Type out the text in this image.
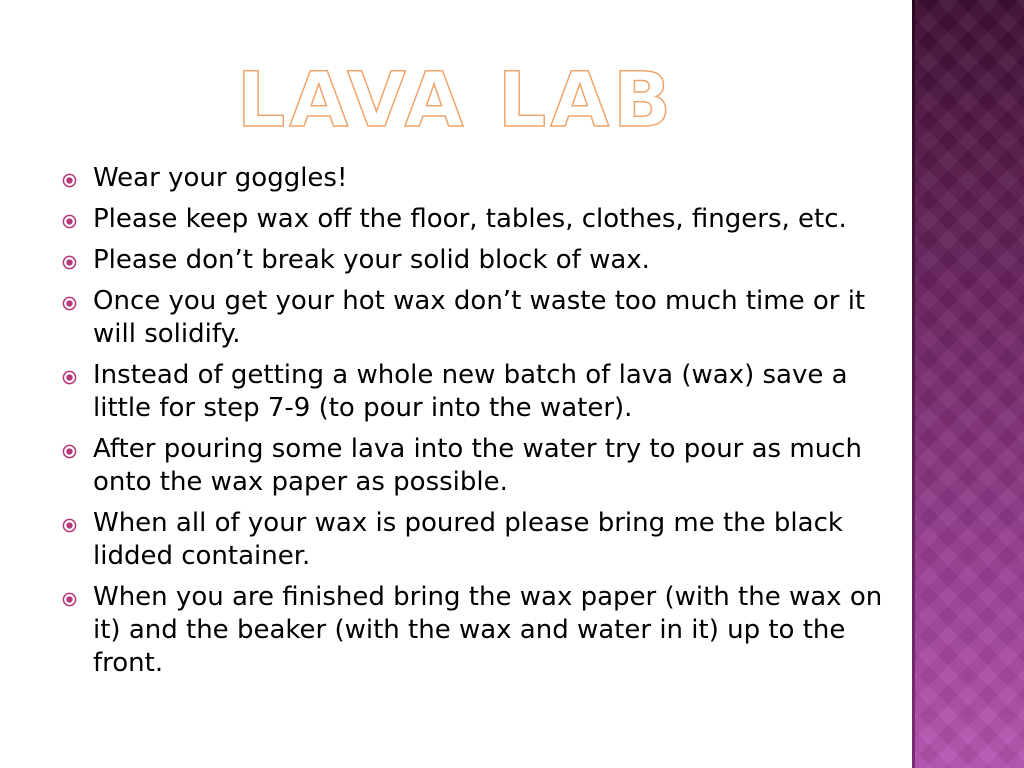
LAVA LAB
Wear your goggles!
Please keep wax off the floor, tables, clothes, fingers, etc.
Please don’t break your solid block of wax.
Once you get your hot wax don’t waste too much time or it will solidify.
Instead of getting a whole new batch of lava (wax) save a little for step 7-9 (to pour into the water).
After pouring some lava into the water try to pour as much onto the wax paper as possible.
When all of your wax is poured please bring me the black lidded container.
When you are finished bring the wax paper (with the wax on it) and the beaker (with the wax and water in it) up to the front.
